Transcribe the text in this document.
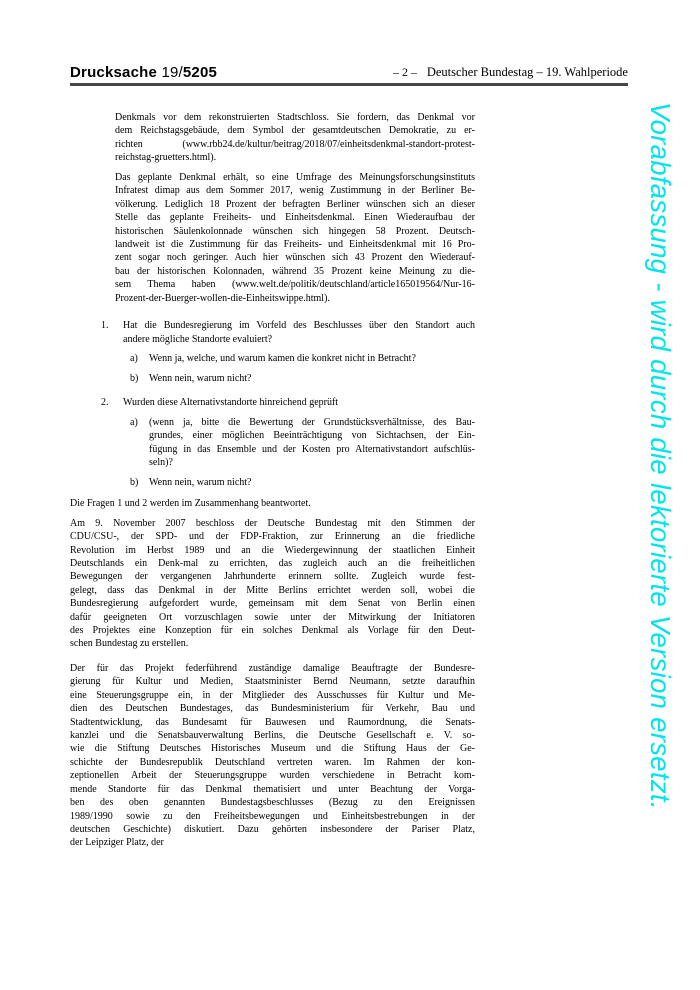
Drucksache 19/5205	– 2 – Deutscher Bundestag – 19. Wahlperiode
Denkmals vor dem rekonstruierten Stadtschloss. Sie fordern, das Denkmal vor
dem Reichstagsgebäude, dem Symbol der gesamtdeutschen Demokratie, zu er-
richten (www.rbb24.de/kultur/beitrag/2018/07/einheitsdenkmal-standort-protest-
reichstag-gruetters.html).
Das geplante Denkmal erhält, so eine Umfrage des Meinungsforschungsinstituts
Infratest dimap aus dem Sommer 2017, wenig Zustimmung in der Berliner Be-
völkerung. Lediglich 18 Prozent der befragten Berliner wünschen sich an dieser
Stelle das geplante Freiheits- und Einheitsdenkmal. Einen Wiederaufbau der
historischen Säulenkolonnade wünschen sich hingegen 58 Prozent. Deutsch-
landweit ist die Zustimmung für das Freiheits- und Einheitsdenkmal mit 16 Pro-
zent sogar noch geringer. Auch hier wünschen sich 43 Prozent den Wiederauf-
bau der historischen Kolonnaden, während 35 Prozent keine Meinung zu die-
sem Thema haben (www.welt.de/politik/deutschland/article165019564/Nur-16-
Prozent-der-Buerger-wollen-die-Einheitswippe.html).
1.	Hat die Bundesregierung im Vorfeld des Beschlusses über den Standort auch
andere mögliche Standorte evaluiert?
a)	Wenn ja, welche, und warum kamen die konkret nicht in Betracht?
b)	Wenn nein, warum nicht?
2.	Wurden diese Alternativstandorte hinreichend geprüft
a)	(wenn ja, bitte die Bewertung der Grundstücksverhältnisse, des Bau-
grundes, einer möglichen Beeinträchtigung von Sichtachsen, der Ein-
fügung in das Ensemble und der Kosten pro Alternativstandort aufschlüs-
seln)?
b)	Wenn nein, warum nicht?
Die Fragen 1 und 2 werden im Zusammenhang beantwortet.
Am 9. November 2007 beschloss der Deutsche Bundestag mit den Stimmen der
CDU/CSU-, der SPD- und der FDP-Fraktion, zur Erinnerung an die friedliche
Revolution im Herbst 1989 und an die Wiedergewinnung der staatlichen Einheit
Deutschlands ein Denk-mal zu errichten, das zugleich auch an die freiheitlichen
Bewegungen der vergangenen Jahrhunderte erinnern sollte. Zugleich wurde fest-
gelegt, dass das Denkmal in der Mitte Berlins errichtet werden soll, wobei die
Bundesregierung aufgefordert wurde, gemeinsam mit dem Senat von Berlin einen
dafür geeigneten Ort vorzuschlagen sowie unter der Mitwirkung der Initiatoren
des Projektes eine Konzeption für ein solches Denkmal als Vorlage für den Deut-
schen Bundestag zu erstellen.
Der für das Projekt federführend zuständige damalige Beauftragte der Bundesre-
gierung für Kultur und Medien, Staatsminister Bernd Neumann, setzte daraufhin
eine Steuerungsgruppe ein, in der Mitglieder des Ausschusses für Kultur und Me-
dien des Deutschen Bundestages, das Bundesministerium für Verkehr, Bau und
Stadtentwicklung, das Bundesamt für Bauwesen und Raumordnung, die Senats-
kanzlei und die Senatsbauverwaltung Berlins, die Deutsche Gesellschaft e. V. so-
wie die Stiftung Deutsches Historisches Museum und die Stiftung Haus der Ge-
schichte der Bundesrepublik Deutschland vertreten waren. Im Rahmen der kon-
zeptionellen Arbeit der Steuerungsgruppe wurden verschiedene in Betracht kom-
mende Standorte für das Denkmal thematisiert und unter Beachtung der Vorga-
ben des oben genannten Bundestagsbeschlusses (Bezug zu den Ereignissen
1989/1990 sowie zu den Freiheitsbewegungen und Einheitsbestrebungen in der
deutschen Geschichte) diskutiert. Dazu gehörten insbesondere der Pariser Platz,
der Leipziger Platz, der
Vorabfassung - wird durch die lektorierte Version ersetzt.
